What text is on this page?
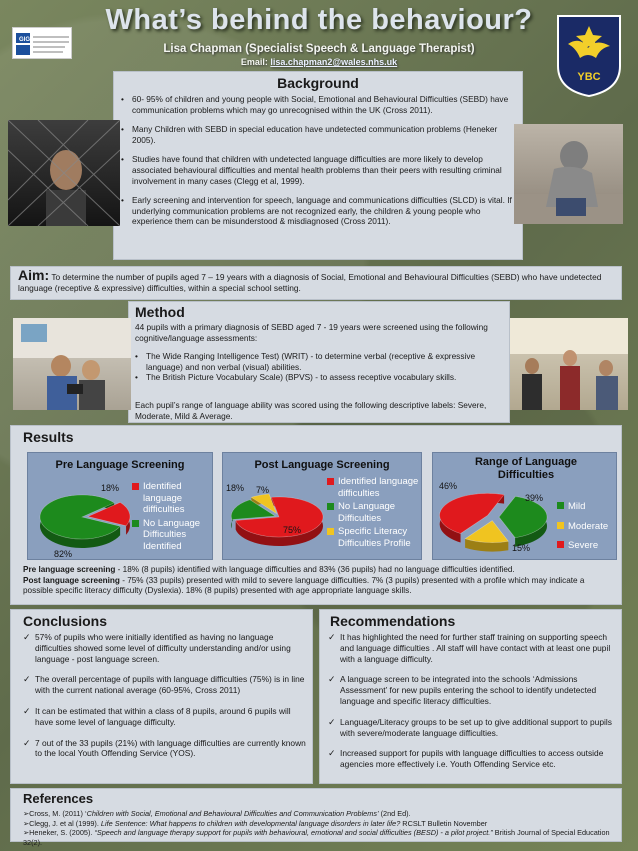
GIG NHS
What’s behind the behaviour?
Lisa Chapman (Specialist Speech & Language Therapist)
Email: lisa.chapman2@wales.nhs.uk
YBC
Background
• 60- 95% of children and young people with Social, Emotional and Behavioural Difficulties (SEBD) have communication problems which may go unrecognised within the UK (Cross 2011).
• Many Children with SEBD in special education have undetected communication problems (Heneker 2005).
• Studies have found that children with undetected language difficulties are more likely to develop associated behavioural difficulties and mental health problems than their peers with resulting criminal involvement in many cases (Clegg et al, 1999).
• Early screening and intervention for speech, language and communications difficulties (SLCD) is vital. If underlying communication problems are not recognized early, the children & young people who experience them can be misunderstood & misdiagnosed (Cross 2011).

Aim: To determine the number of pupils aged 7 – 19 years with a diagnosis of Social, Emotional and Behavioural Difficulties (SEBD) who have undetected language (receptive & expressive) difficulties, within a special school setting.

Method

44 pupils with a primary diagnosis of SEBD aged 7 - 19 years were screened using the following cognitive/language assessments:

• The Wide Ranging Intelligence Test) (WRIT) - to determine verbal (receptive & expressive language) and non verbal (visual) abilities.
• The British Picture Vocabulary Scale) (BPVS) - to assess receptive vocabulary skills.

Each pupil’s range of language ability was scored using the following descriptive labels: Severe, Moderate, Mild & Average.

Results
Pre Language Screening
18%
82%
Identified language difficulties
No Language Difficulties Identified
Post Language Screening
18% 7%
75%
Identified language difficulties
No Language Difficulties
Specific Literacy Difficulties Profile
Range of Language Difficulties
46%
39%
15%
Mild
Moderate
Severe

Pre language screening - 18% (8 pupils) identified with language difficulties and 83% (36 pupils) had no language difficulties identified.
Post language screening - 75% (33 pupils) presented with mild to severe language difficulties. 7% (3 pupils) presented with a profile which may indicate a possible specific literacy difficulty (Dyslexia). 18% (8 pupils) presented with age appropriate language skills.

Conclusions
✓ 57% of pupils who were initially identified as having no language difficulties showed some level of difficulty understanding and/or using language - post language screen.
✓ The overall percentage of pupils with language difficulties (75%) is in line with the current national average (60-95%, Cross 2011)
✓ It can be estimated that within a class of 8 pupils, around 6 pupils will have some level of language difficulty.
✓ 7 out of the 33 pupils (21%) with language difficulties are currently known to the local Youth Offending Service (YOS).
Recommendations
✓ It has highlighted the need for further staff training on supporting speech and language difficulties . All staff will have contact with at least one pupil with a language difficulty.
✓ A language screen to be integrated into the schools ‘Admissions Assessment’ for new pupils entering the school to identify undetected language and specific literacy difficulties.
✓ Language/Literacy groups to be set up to give additional support to pupils with severe/moderate language difficulties.
✓ Increased support for pupils with language difficulties to access outside agencies more effectively i.e. Youth Offending Service etc.
References

➢Cross, M. (2011) ‘Children with Social, Emotional and Behavioural Difficulties and Communication Problems’ (2nd Ed).

➢Clegg, J. et al (1999). Life Sentence: What happens to children with developmental language disorders in later life? RCSLT Bulletin November

➢Heneker, S. (2005). “Speech and language therapy support for pupils with behavioural, emotional and social difficulties (BESD) - a pilot project.” British Journal of Special Education 32(2).
